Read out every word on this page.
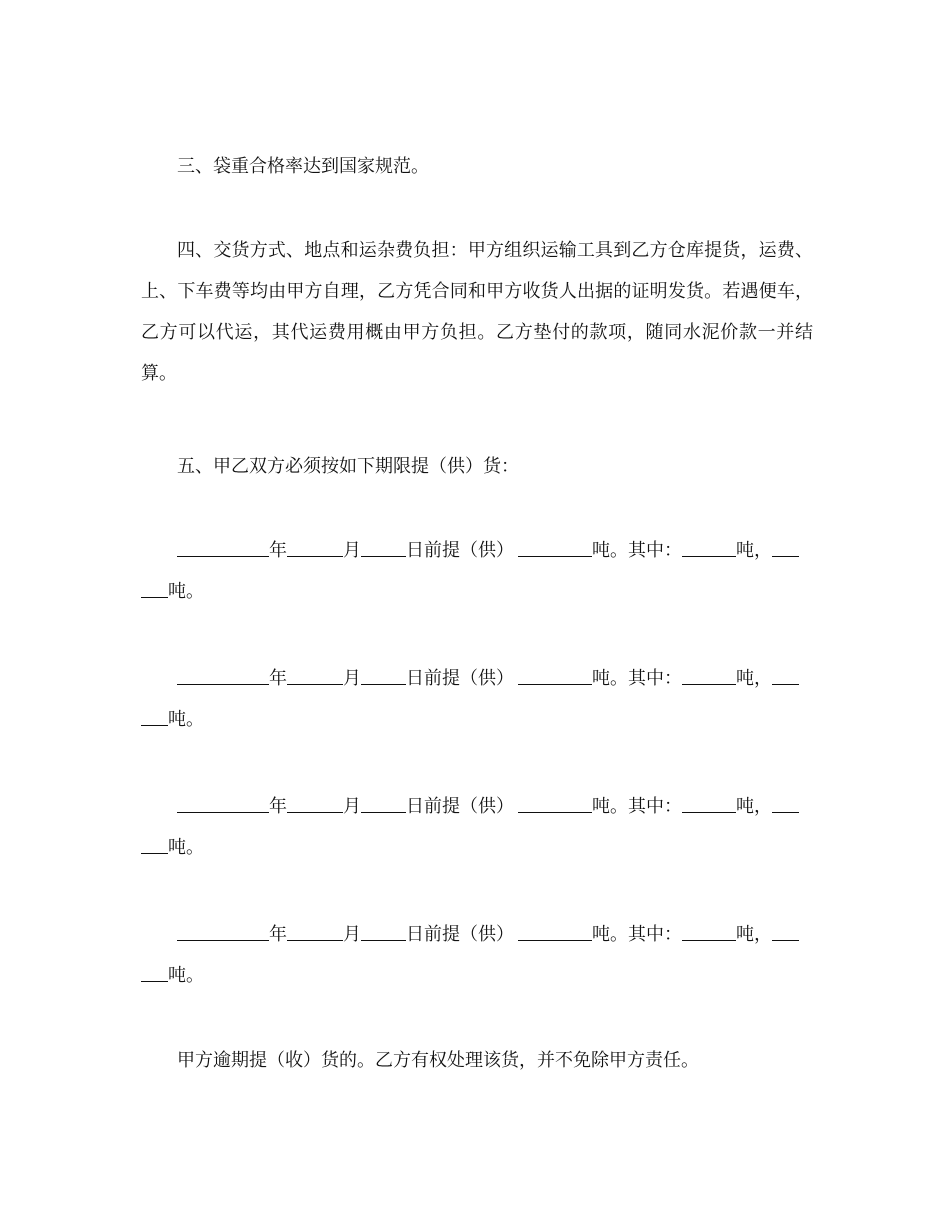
三、袋重合格率达到国家规范。
四、交货方式、地点和运杂费负担：甲方组织运输工具到乙方仓库提货，运费、上、下车费等均由甲方自理，乙方凭合同和甲方收货人出据的证明发货。若遇便车，乙方可以代运，其代运费用概由甲方负担。乙方垫付的款项，随同水泥价款一并结算。
五、甲乙双方必须按如下期限提（供）货：
年	月	日前提（供）	吨。其中：	吨，
吨。
年	月	日前提（供）	吨。其中：	吨，
吨。
年	月	日前提（供）	吨。其中：	吨，
吨。
年	月	日前提（供）	吨。其中：	吨，
吨。
甲方逾期提（收）货的。乙方有权处理该货，并不免除甲方责任。
